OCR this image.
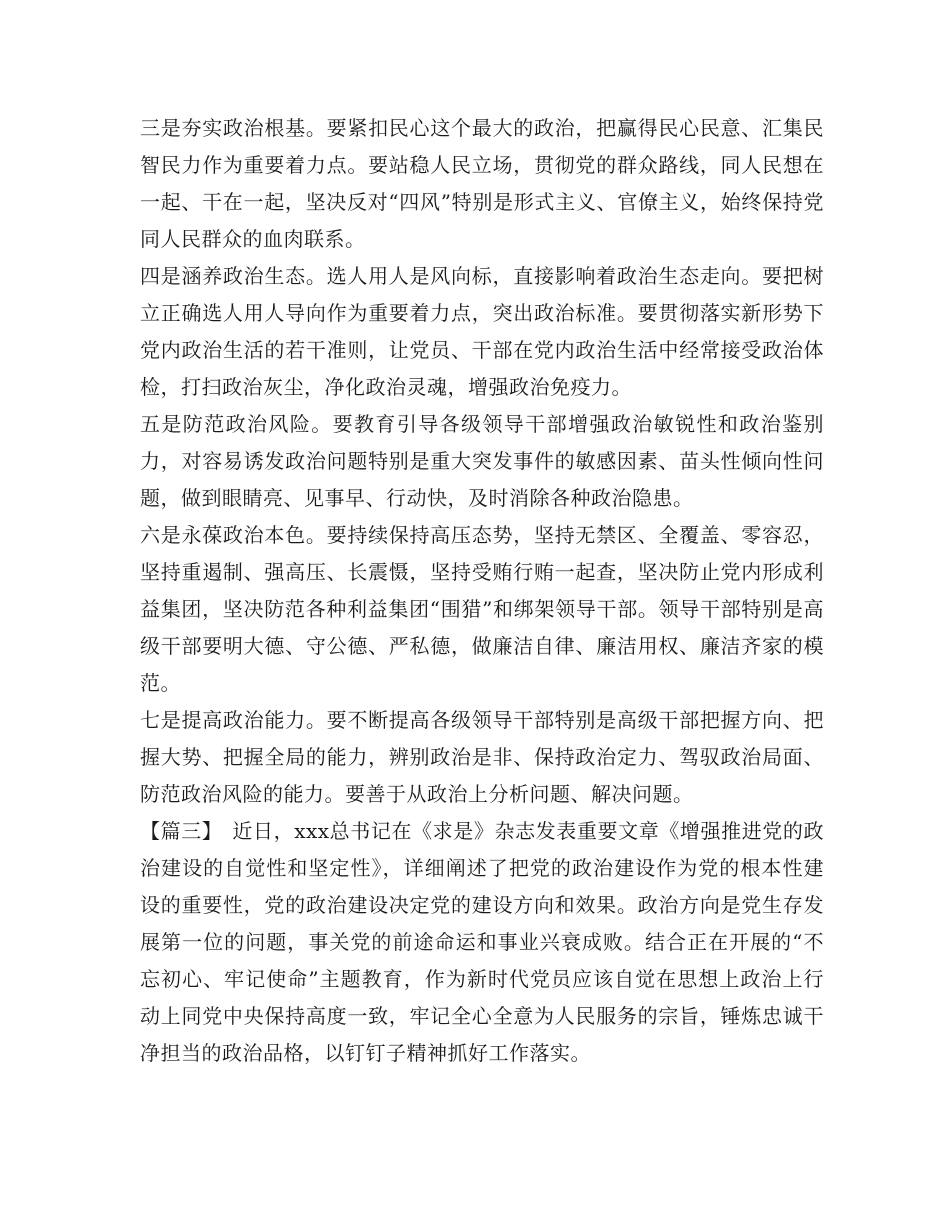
三是夯实政治根基。要紧扣民心这个最大的政治，把赢得民心民意、汇集民智民力作为重要着力点。要站稳人民立场，贯彻党的群众路线，同人民想在一起、干在一起，坚决反对“四风”特别是形式主义、官僚主义，始终保持党同人民群众的血肉联系。

四是涵养政治生态。选人用人是风向标，直接影响着政治生态走向。要把树立正确选人用人导向作为重要着力点，突出政治标准。要贯彻落实新形势下党内政治生活的若干准则，让党员、干部在党内政治生活中经常接受政治体检，打扫政治灰尘，净化政治灵魂，增强政治免疫力。

五是防范政治风险。要教育引导各级领导干部增强政治敏锐性和政治鉴别力，对容易诱发政治问题特别是重大突发事件的敏感因素、苗头性倾向性问题，做到眼睛亮、见事早、行动快，及时消除各种政治隐患。

六是永葆政治本色。要持续保持高压态势，坚持无禁区、全覆盖、零容忍，坚持重遏制、强高压、长震慑，坚持受贿行贿一起查，坚决防止党内形成利益集团，坚决防范各种利益集团“围猎”和绑架领导干部。领导干部特别是高级干部要明大德、守公德、严私德，做廉洁自律、廉洁用权、廉洁齐家的模范。

七是提高政治能力。要不断提高各级领导干部特别是高级干部把握方向、把握大势、把握全局的能力，辨别政治是非、保持政治定力、驾驭政治局面、防范政治风险的能力。要善于从政治上分析问题、解决问题。

【篇三】 近日，xxx总书记在《求是》杂志发表重要文章《增强推进党的政治建设的自觉性和坚定性》，详细阐述了把党的政治建设作为党的根本性建设的重要性，党的政治建设决定党的建设方向和效果。政治方向是党生存发展第一位的问题，事关党的前途命运和事业兴衰成败。结合正在开展的“不忘初心、牢记使命”主题教育，作为新时代党员应该自觉在思想上政治上行动上同党中央保持高度一致，牢记全心全意为人民服务的宗旨，锤炼忠诚干净担当的政治品格，以钉钉子精神抓好工作落实。
